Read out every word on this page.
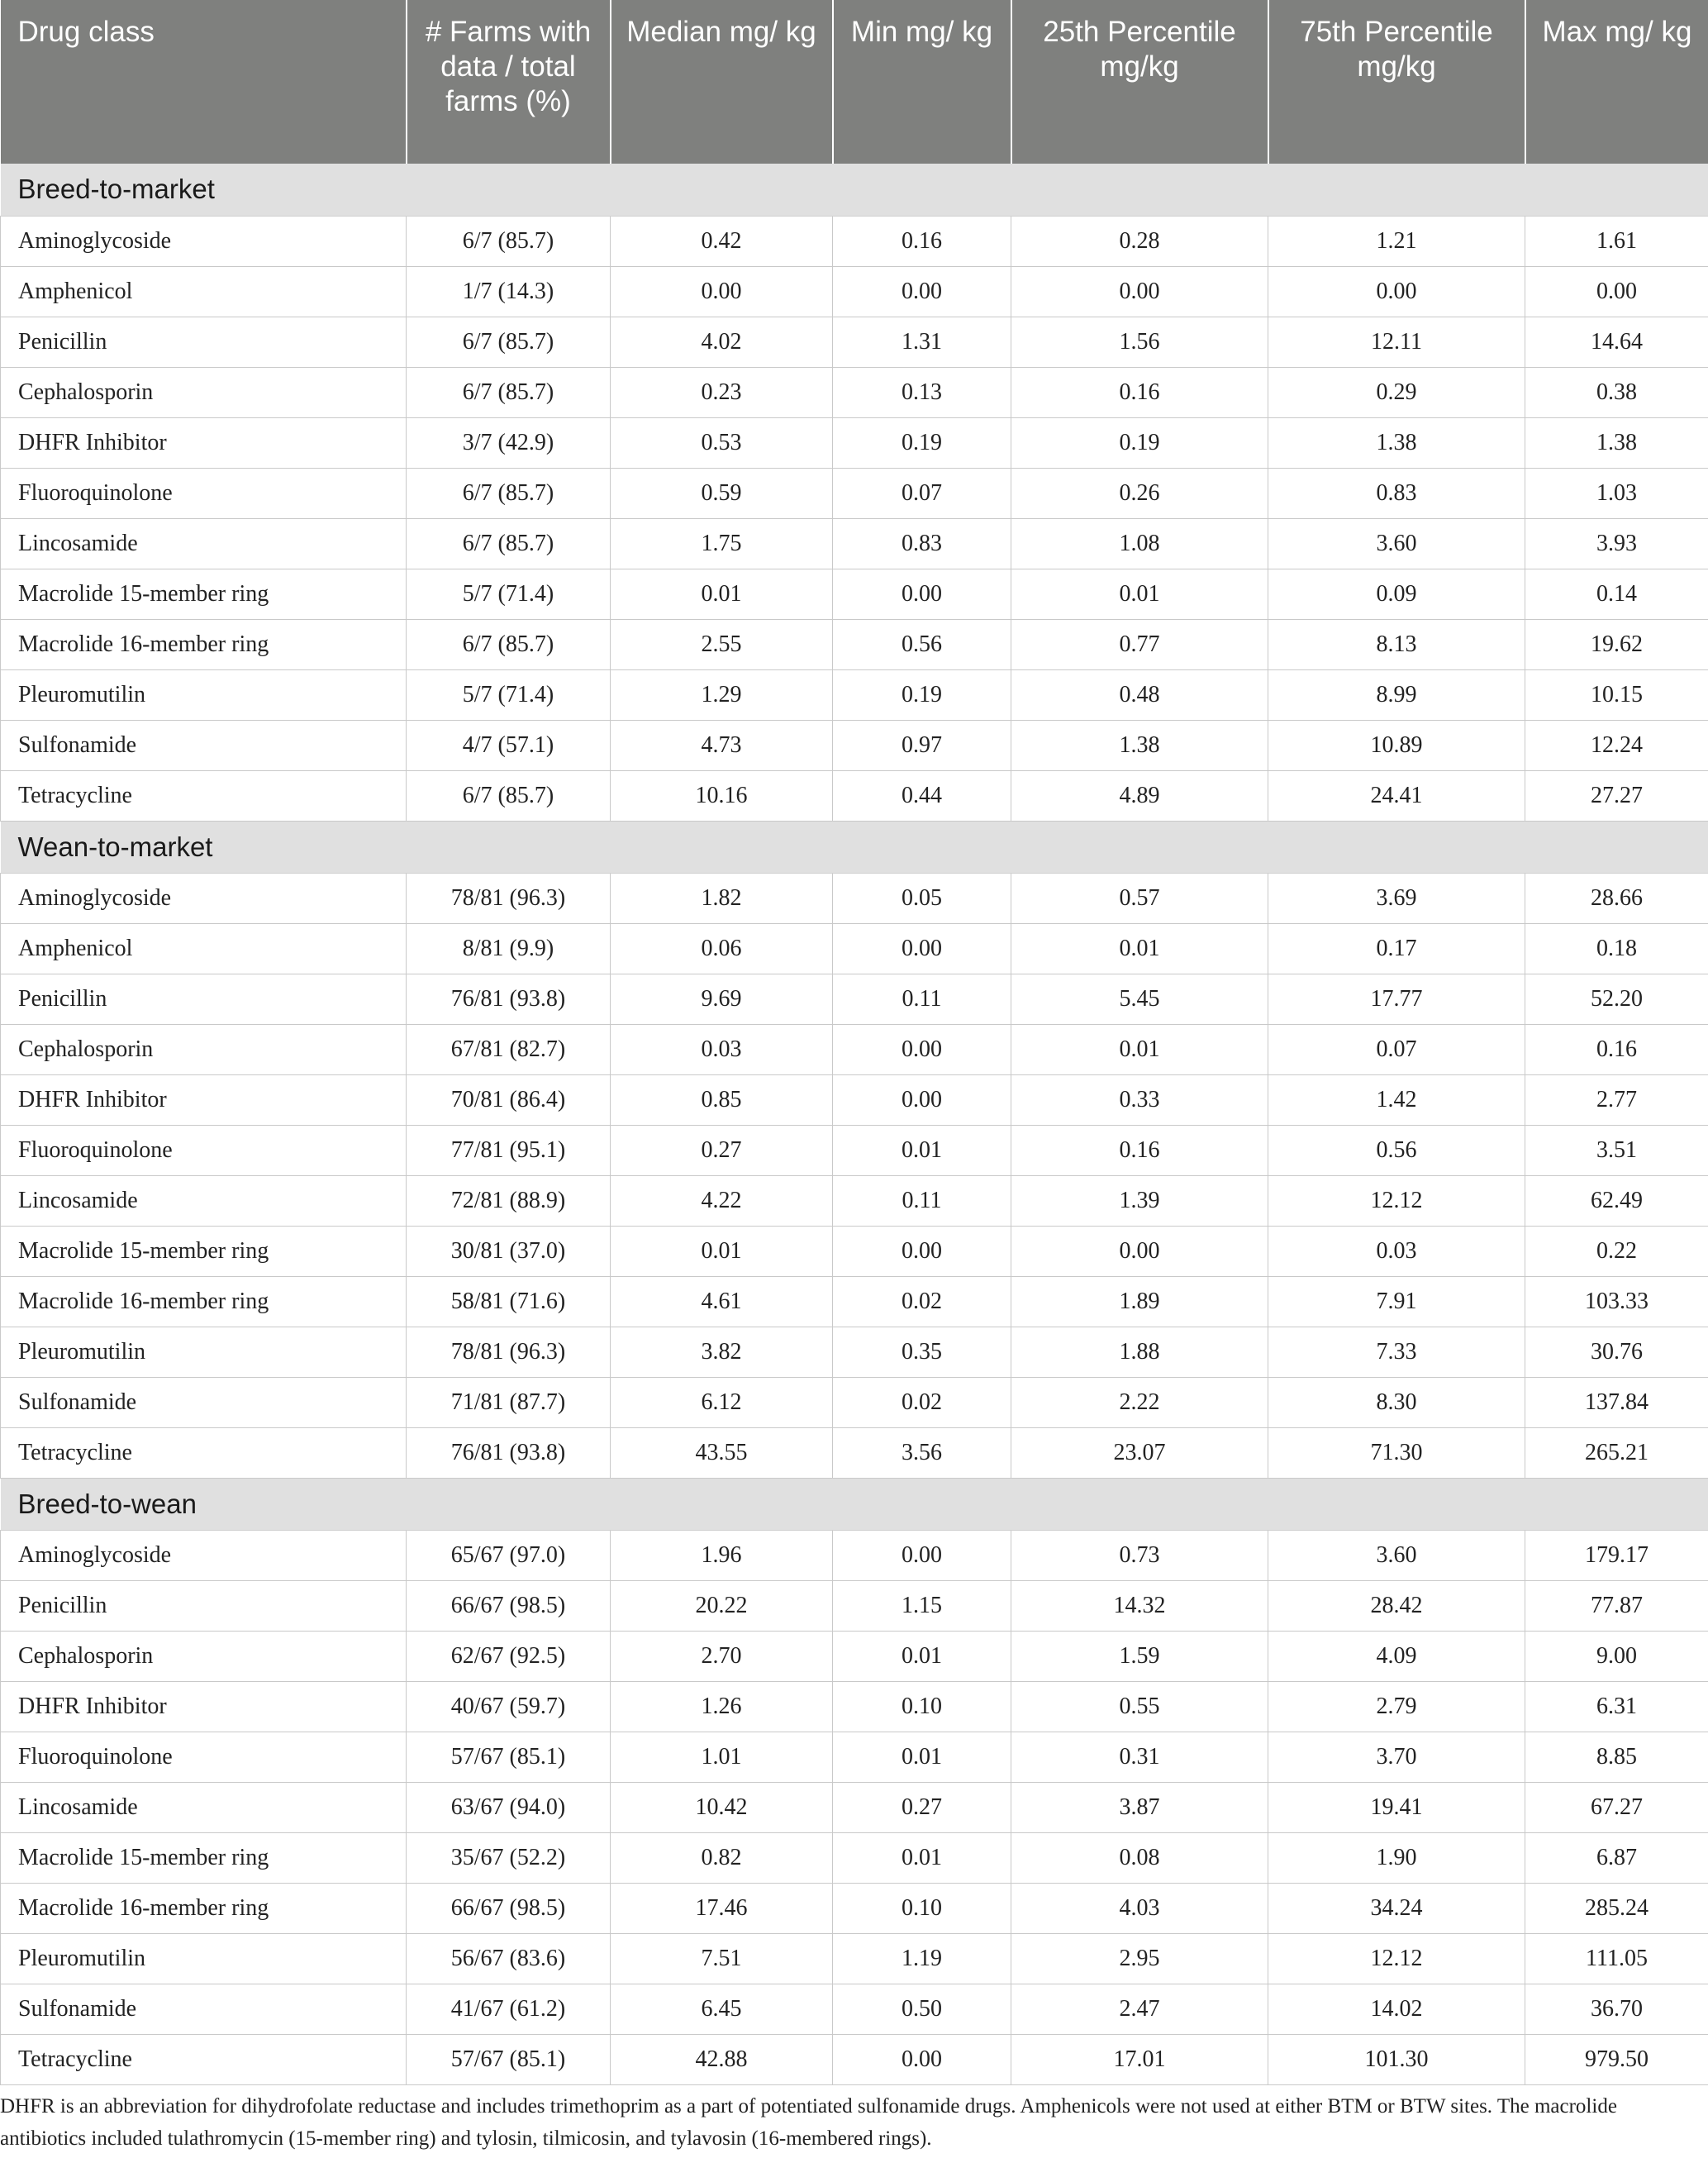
Drug class	# Farms with data / total farms (%)	Median mg/ kg	Min mg/ kg	25th Percentile mg/kg	75th Percentile mg/kg	Max mg/ kg
Breed-to-market						
Aminoglycoside	6/7 (85.7)	0.42	0.16	0.28	1.21	1.61
Amphenicol	1/7 (14.3)	0.00	0.00	0.00	0.00	0.00
Penicillin	6/7 (85.7)	4.02	1.31	1.56	12.11	14.64
Cephalosporin	6/7 (85.7)	0.23	0.13	0.16	0.29	0.38
DHFR Inhibitor	3/7 (42.9)	0.53	0.19	0.19	1.38	1.38
Fluoroquinolone	6/7 (85.7)	0.59	0.07	0.26	0.83	1.03
Lincosamide	6/7 (85.7)	1.75	0.83	1.08	3.60	3.93
Macrolide 15-member ring	5/7 (71.4)	0.01	0.00	0.01	0.09	0.14
Macrolide 16-member ring	6/7 (85.7)	2.55	0.56	0.77	8.13	19.62
Pleuromutilin	5/7 (71.4)	1.29	0.19	0.48	8.99	10.15
Sulfonamide	4/7 (57.1)	4.73	0.97	1.38	10.89	12.24
Tetracycline	6/7 (85.7)	10.16	0.44	4.89	24.41	27.27
Wean-to-market						
Aminoglycoside	78/81 (96.3)	1.82	0.05	0.57	3.69	28.66
Amphenicol	8/81 (9.9)	0.06	0.00	0.01	0.17	0.18
Penicillin	76/81 (93.8)	9.69	0.11	5.45	17.77	52.20
Cephalosporin	67/81 (82.7)	0.03	0.00	0.01	0.07	0.16
DHFR Inhibitor	70/81 (86.4)	0.85	0.00	0.33	1.42	2.77
Fluoroquinolone	77/81 (95.1)	0.27	0.01	0.16	0.56	3.51
Lincosamide	72/81 (88.9)	4.22	0.11	1.39	12.12	62.49
Macrolide 15-member ring	30/81 (37.0)	0.01	0.00	0.00	0.03	0.22
Macrolide 16-member ring	58/81 (71.6)	4.61	0.02	1.89	7.91	103.33
Pleuromutilin	78/81 (96.3)	3.82	0.35	1.88	7.33	30.76
Sulfonamide	71/81 (87.7)	6.12	0.02	2.22	8.30	137.84
Tetracycline	76/81 (93.8)	43.55	3.56	23.07	71.30	265.21
Breed-to-wean						
Aminoglycoside	65/67 (97.0)	1.96	0.00	0.73	3.60	179.17
Penicillin	66/67 (98.5)	20.22	1.15	14.32	28.42	77.87
Cephalosporin	62/67 (92.5)	2.70	0.01	1.59	4.09	9.00
DHFR Inhibitor	40/67 (59.7)	1.26	0.10	0.55	2.79	6.31
Fluoroquinolone	57/67 (85.1)	1.01	0.01	0.31	3.70	8.85
Lincosamide	63/67 (94.0)	10.42	0.27	3.87	19.41	67.27
Macrolide 15-member ring	35/67 (52.2)	0.82	0.01	0.08	1.90	6.87
Macrolide 16-member ring	66/67 (98.5)	17.46	0.10	4.03	34.24	285.24
Pleuromutilin	56/67 (83.6)	7.51	1.19	2.95	12.12	111.05
Sulfonamide	41/67 (61.2)	6.45	0.50	2.47	14.02	36.70
Tetracycline	57/67 (85.1)	42.88	0.00	17.01	101.30	979.50

DHFR is an abbreviation for dihydrofolate reductase and includes trimethoprim as a part of potentiated sulfonamide drugs. Amphenicols were not used at either BTM or BTW sites. The macrolide antibiotics included tulathromycin (15-member ring) and tylosin, tilmicosin, and tylavosin (16-membered rings).
